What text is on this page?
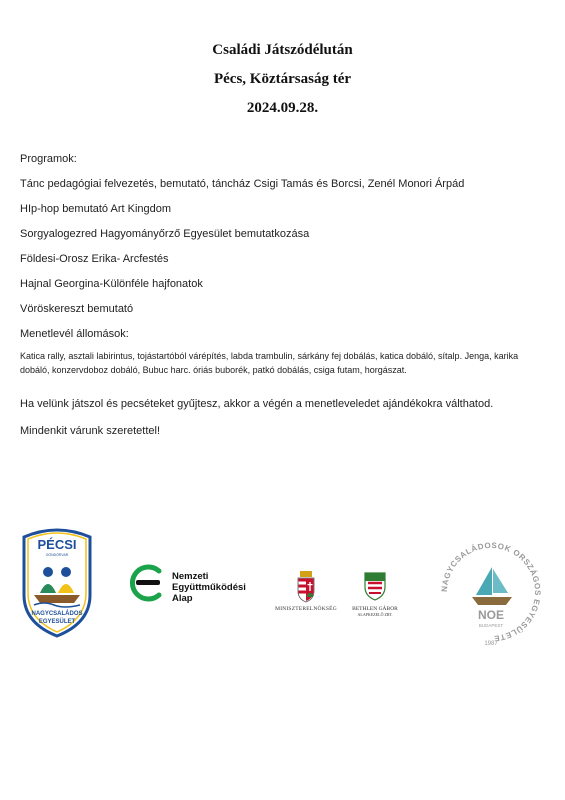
Családi Játszódélután
Pécs, Köztársaság tér
2024.09.28.
Programok:
Tánc pedagógiai felvezetés, bemutató, táncház Csigi Tamás és Borcsi, Zenél Monori Árpád
HIp-hop bemutató Art Kingdom
Sorgyalogezred Hagyományőrző Egyesület bemutatkozása
Földesi-Orosz Erika- Arcfestés
Hajnal Georgina-Különféle hajfonatok
Vöröskereszt bemutató
Menetlevél állomások:
Katica rally, asztali labirintus, tojástartóból várépítés, labda trambulin, sárkány fej dobálás, katica dobáló, sítalp. Jenga, karika dobáló, konzervdoboz dobáló, Bubuc harc. óriás buborék, patkó dobálás, csiga futam, horgászat.
Ha velünk játszol és pecséteket gyűjtesz, akkor a végén a menetleveledet ajándékokra válthatod.
Mindenkit várunk szeretettel!
PÉCSI
GÖNDÖRVAR
NAGYCSALÁDOS
EGYESÜLET
Nemzeti
Együttműködési
Alap
MINISZTERELNÖKSÉG	BETHLEN GÁBOR
ALAPKEZELŐ ZRT.
NAGYCSALÁDOSOK ORSZÁGOS EGYESÜLETE
NOE
BUDAPEST
1987
